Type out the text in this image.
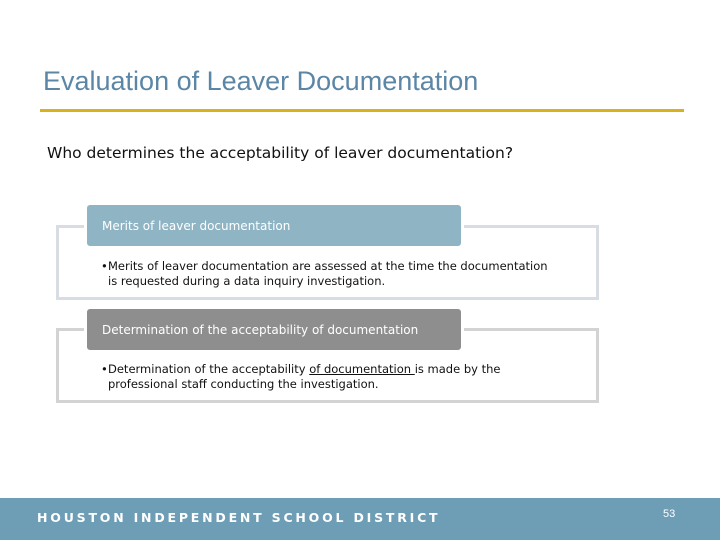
Evaluation of Leaver Documentation
Who determines the acceptability of leaver documentation?
Merits of leaver documentation
•Merits of leaver documentation are assessed at the time the documentation
is requested during a data inquiry investigation.
Determination of the acceptability of documentation
•Determination of the acceptability of documentation is made by the
professional staff conducting the investigation.
HOUSTON INDEPENDENT SCHOOL DISTRICT	53
